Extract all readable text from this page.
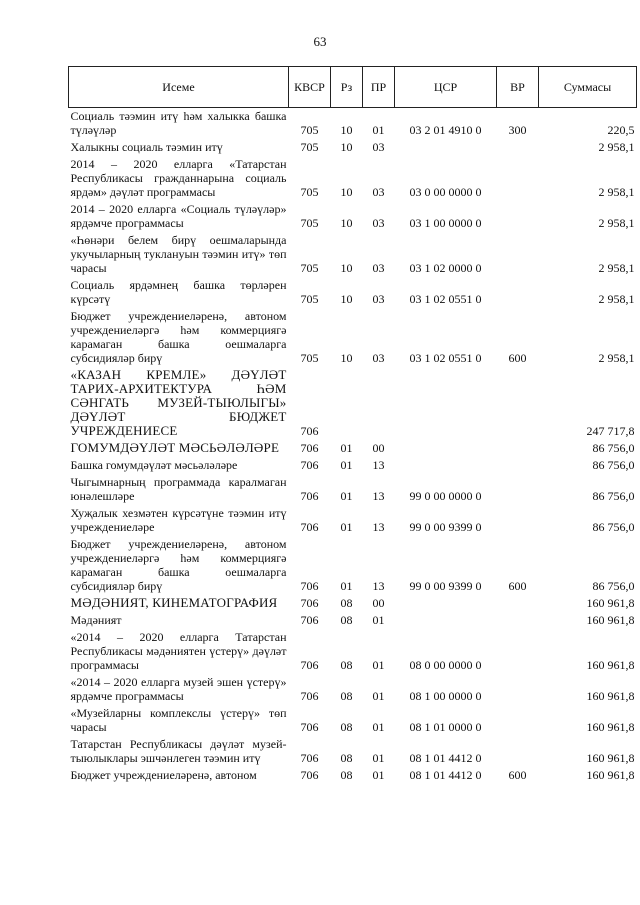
63
Исеме	КВСР	Рз	ПР	ЦСР	ВР	Суммасы
Социаль тәэмин итү һәм халыкка башка түләүләр	705	10	01	03 2 01 4910 0	300	220,5
Халыкны социаль тәэмин итү	705	10	03			2 958,1
2014 – 2020 елларга «Татарстан Республикасы гражданнарына социаль ярдәм» дәүләт программасы	705	10	03	03 0 00 0000 0		2 958,1
2014 – 2020 елларга «Социаль түләүләр» ярдәмче программасы	705	10	03	03 1 00 0000 0		2 958,1
«Һөнәри белем бирү оешмаларында укучыларның туклануын тәэмин итү» төп чарасы	705	10	03	03 1 02 0000 0		2 958,1
Социаль ярдәмнең башка төрләрен күрсәтү	705	10	03	03 1 02 0551 0		2 958,1
Бюджет учреждениеләренә, автоном учреждениеләргә һәм коммерциягә карамаган башка оешмаларга субсидияләр бирү	705	10	03	03 1 02 0551 0	600	2 958,1
«КАЗАН КРЕМЛЕ» ДӘҮЛӘТ ТАРИХ-АРХИТЕКТУРА ҺӘМ СӘНГАТЬ МУЗЕЙ-ТЫЮЛЫГЫ» ДӘҮЛӘТ БЮДЖЕТ УЧРЕЖДЕНИЕСЕ	706					247 717,8
ГОМУМДӘҮЛӘТ МӘСЬӘЛӘЛӘРЕ	706	01	00			86 756,0
Башка гомумдәүләт мәсьәләләре	706	01	13			86 756,0
Чыгымнарның программада каралмаган юнәлешләре	706	01	13	99 0 00 0000 0		86 756,0
Хуҗалык хезмәтен күрсәтүне тәэмин итү учреждениеләре	706	01	13	99 0 00 9399 0		86 756,0
Бюджет учреждениеләренә, автоном учреждениеләргә һәм коммерциягә карамаган башка оешмаларга субсидияләр бирү	706	01	13	99 0 00 9399 0	600	86 756,0
МӘДӘНИЯТ, КИНЕМАТОГРАФИЯ	706	08	00			160 961,8
Мәдәният	706	08	01			160 961,8
«2014 – 2020 елларга Татарстан Республикасы мәдәниятен үстерү» дәүләт программасы	706	08	01	08 0 00 0000 0		160 961,8
«2014 – 2020 елларга музей эшен үстерү» ярдәмче программасы	706	08	01	08 1 00 0000 0		160 961,8
«Музейларны комплекслы үстерү» төп чарасы	706	08	01	08 1 01 0000 0		160 961,8
Татарстан Республикасы дәүләт музей-тыюлыклары эшчәнлеген тәэмин итү	706	08	01	08 1 01 4412 0		160 961,8
Бюджет учреждениеләренә, автоном	706	08	01	08 1 01 4412 0	600	160 961,8
